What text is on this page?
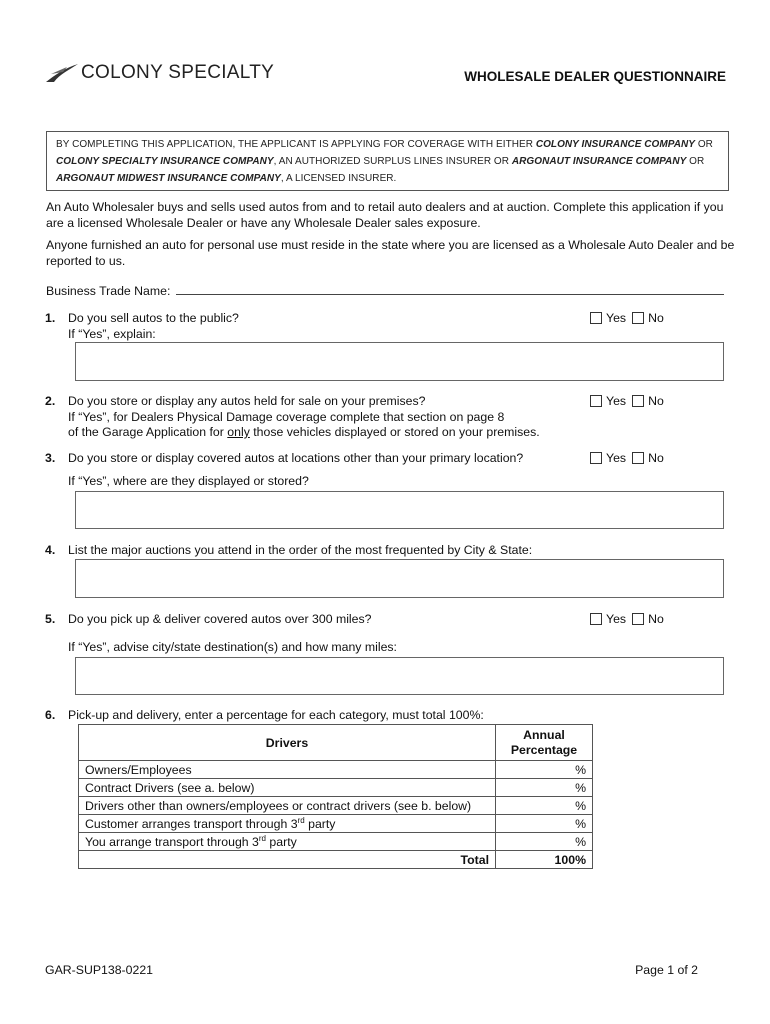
COLONY SPECIALTY	WHOLESALE DEALER QUESTIONNAIRE
BY COMPLETING THIS APPLICATION, THE APPLICANT IS APPLYING FOR COVERAGE WITH EITHER COLONY INSURANCE COMPANY OR COLONY SPECIALTY INSURANCE COMPANY, AN AUTHORIZED SURPLUS LINES INSURER OR ARGONAUT INSURANCE COMPANY OR ARGONAUT MIDWEST INSURANCE COMPANY, A LICENSED INSURER.
An Auto Wholesaler buys and sells used autos from and to retail auto dealers and at auction. Complete this application if you are a licensed Wholesale Dealer or have any Wholesale Dealer sales exposure.
Anyone furnished an auto for personal use must reside in the state where you are licensed as a Wholesale Auto Dealer and be reported to us.
Business Trade Name:
1. Do you sell autos to the public?
If “Yes”, explain:
Yes No
2. Do you store or display any autos held for sale on your premises?
If “Yes”, for Dealers Physical Damage coverage complete that section on page 8
of the Garage Application for only those vehicles displayed or stored on your premises.
Yes No
3. Do you store or display covered autos at locations other than your primary location?
If “Yes”, where are they displayed or stored?
Yes No
4. List the major auctions you attend in the order of the most frequented by City & State:
5. Do you pick up & deliver covered autos over 300 miles?
If “Yes”, advise city/state destination(s) and how many miles:
Yes No
6. Pick-up and delivery, enter a percentage for each category, must total 100%:
Drivers	Annual
Percentage

Owners/Employees	%
Contract Drivers (see a. below)	%
Drivers other than owners/employees or contract drivers (see b. below)	%
Customer arranges transport through 3rd party	%
You arrange transport through 3rd party	%
Total	100%
GAR-SUP138-0221	Page 1 of 2
